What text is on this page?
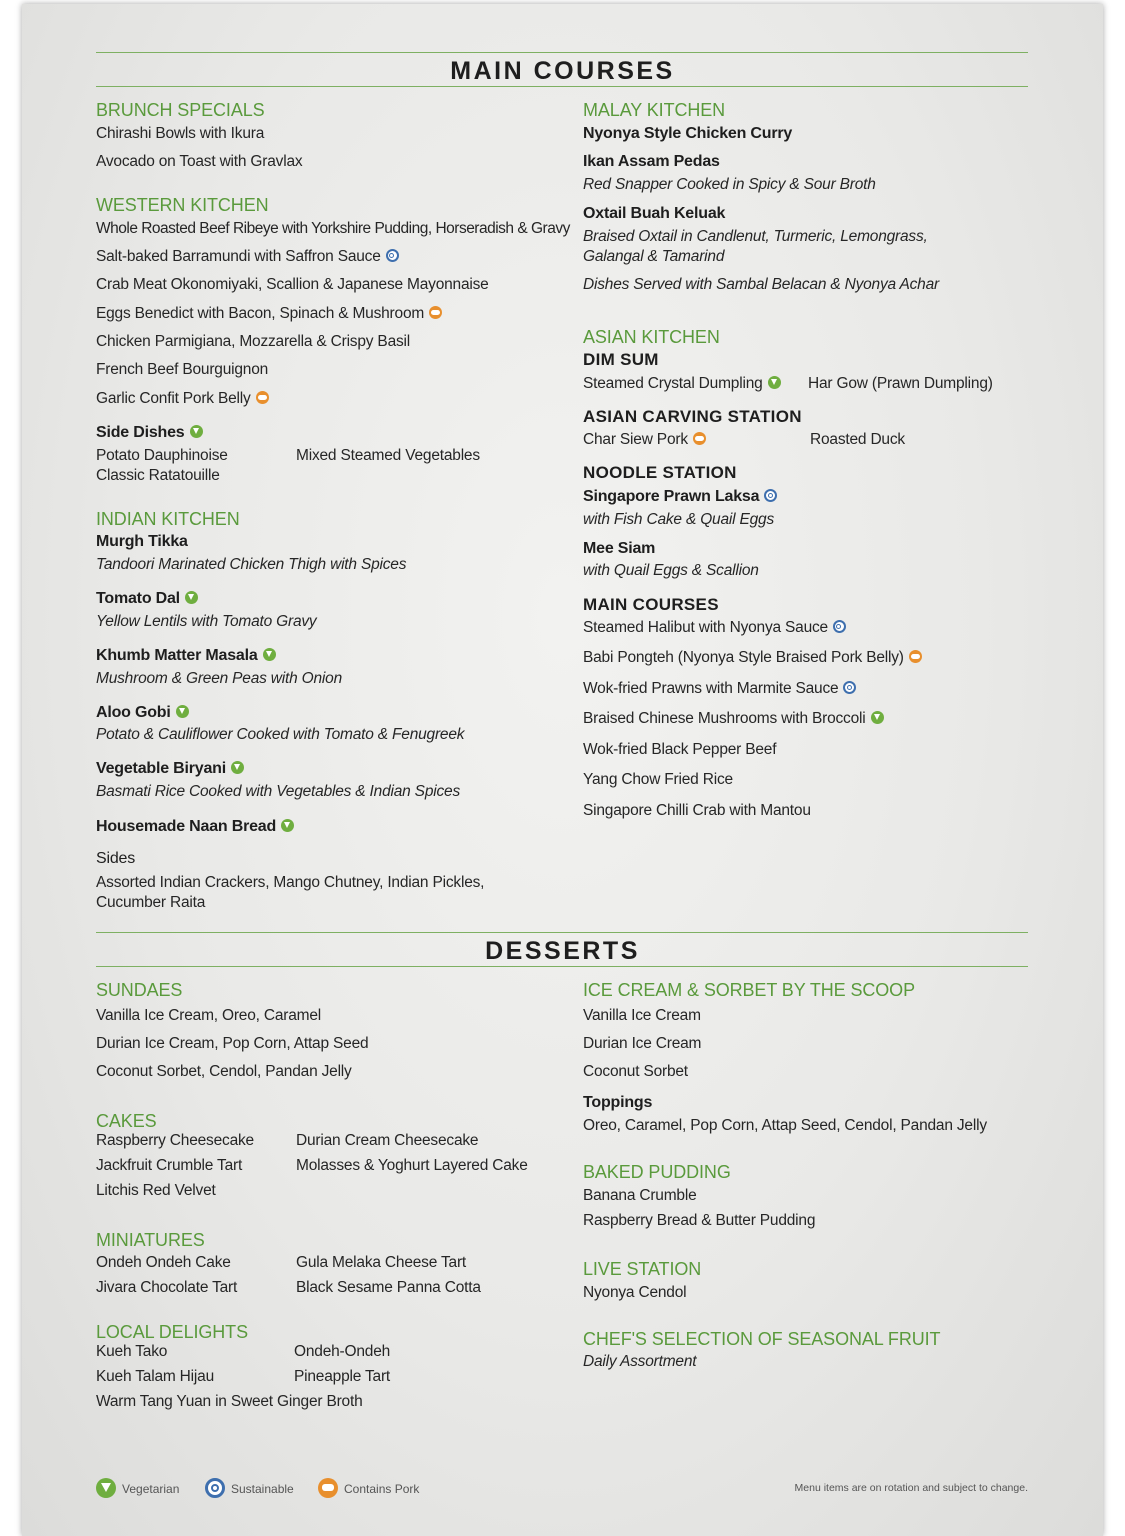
MAIN COURSES
BRUNCH SPECIALS
Chirashi Bowls with Ikura
Avocado on Toast with Gravlax
WESTERN KITCHEN
Whole Roasted Beef Ribeye with Yorkshire Pudding, Horseradish & Gravy
Salt-baked Barramundi with Saffron Sauce
Crab Meat Okonomiyaki, Scallion & Japanese Mayonnaise
Eggs Benedict with Bacon, Spinach & Mushroom
Chicken Parmigiana, Mozzarella & Crispy Basil
French Beef Bourguignon
Garlic Confit Pork Belly
Side Dishes
Potato Dauphinoise	Mixed Steamed Vegetables
Classic Ratatouille
INDIAN KITCHEN
Murgh Tikka
Tandoori Marinated Chicken Thigh with Spices
Tomato Dal
Yellow Lentils with Tomato Gravy
Khumb Matter Masala
Mushroom & Green Peas with Onion
Aloo Gobi
Potato & Cauliflower Cooked with Tomato & Fenugreek
Vegetable Biryani
Basmati Rice Cooked with Vegetables & Indian Spices
Housemade Naan Bread
Sides
Assorted Indian Crackers, Mango Chutney, Indian Pickles,
Cucumber Raita
MALAY KITCHEN
Nyonya Style Chicken Curry
Ikan Assam Pedas
Red Snapper Cooked in Spicy & Sour Broth
Oxtail Buah Keluak
Braised Oxtail in Candlenut, Turmeric, Lemongrass,
Galangal & Tamarind
Dishes Served with Sambal Belacan & Nyonya Achar
ASIAN KITCHEN
DIM SUM
Steamed Crystal Dumpling	Har Gow (Prawn Dumpling)
ASIAN CARVING STATION
Char Siew Pork	Roasted Duck
NOODLE STATION
Singapore Prawn Laksa
with Fish Cake & Quail Eggs
Mee Siam
with Quail Eggs & Scallion
MAIN COURSES
Steamed Halibut with Nyonya Sauce
Babi Pongteh (Nyonya Style Braised Pork Belly)
Wok-fried Prawns with Marmite Sauce
Braised Chinese Mushrooms with Broccoli
Wok-fried Black Pepper Beef
Yang Chow Fried Rice
Singapore Chilli Crab with Mantou
DESSERTS
SUNDAES
Vanilla Ice Cream, Oreo, Caramel
Durian Ice Cream, Pop Corn, Attap Seed
Coconut Sorbet, Cendol, Pandan Jelly
CAKES
Raspberry Cheesecake	Durian Cream Cheesecake
Jackfruit Crumble Tart	Molasses & Yoghurt Layered Cake
Litchis Red Velvet
MINIATURES
Ondeh Ondeh Cake	Gula Melaka Cheese Tart
Jivara Chocolate Tart	Black Sesame Panna Cotta
LOCAL DELIGHTS
Kueh Tako	Ondeh-Ondeh
Kueh Talam Hijau	Pineapple Tart
Warm Tang Yuan in Sweet Ginger Broth
ICE CREAM & SORBET BY THE SCOOP
Vanilla Ice Cream
Durian Ice Cream
Coconut Sorbet
Toppings
Oreo, Caramel, Pop Corn, Attap Seed, Cendol, Pandan Jelly
BAKED PUDDING
Banana Crumble
Raspberry Bread & Butter Pudding
LIVE STATION
Nyonya Cendol
CHEF'S SELECTION OF SEASONAL FRUIT
Daily Assortment
Vegetarian	Sustainable	Contains Pork	Menu items are on rotation and subject to change.
